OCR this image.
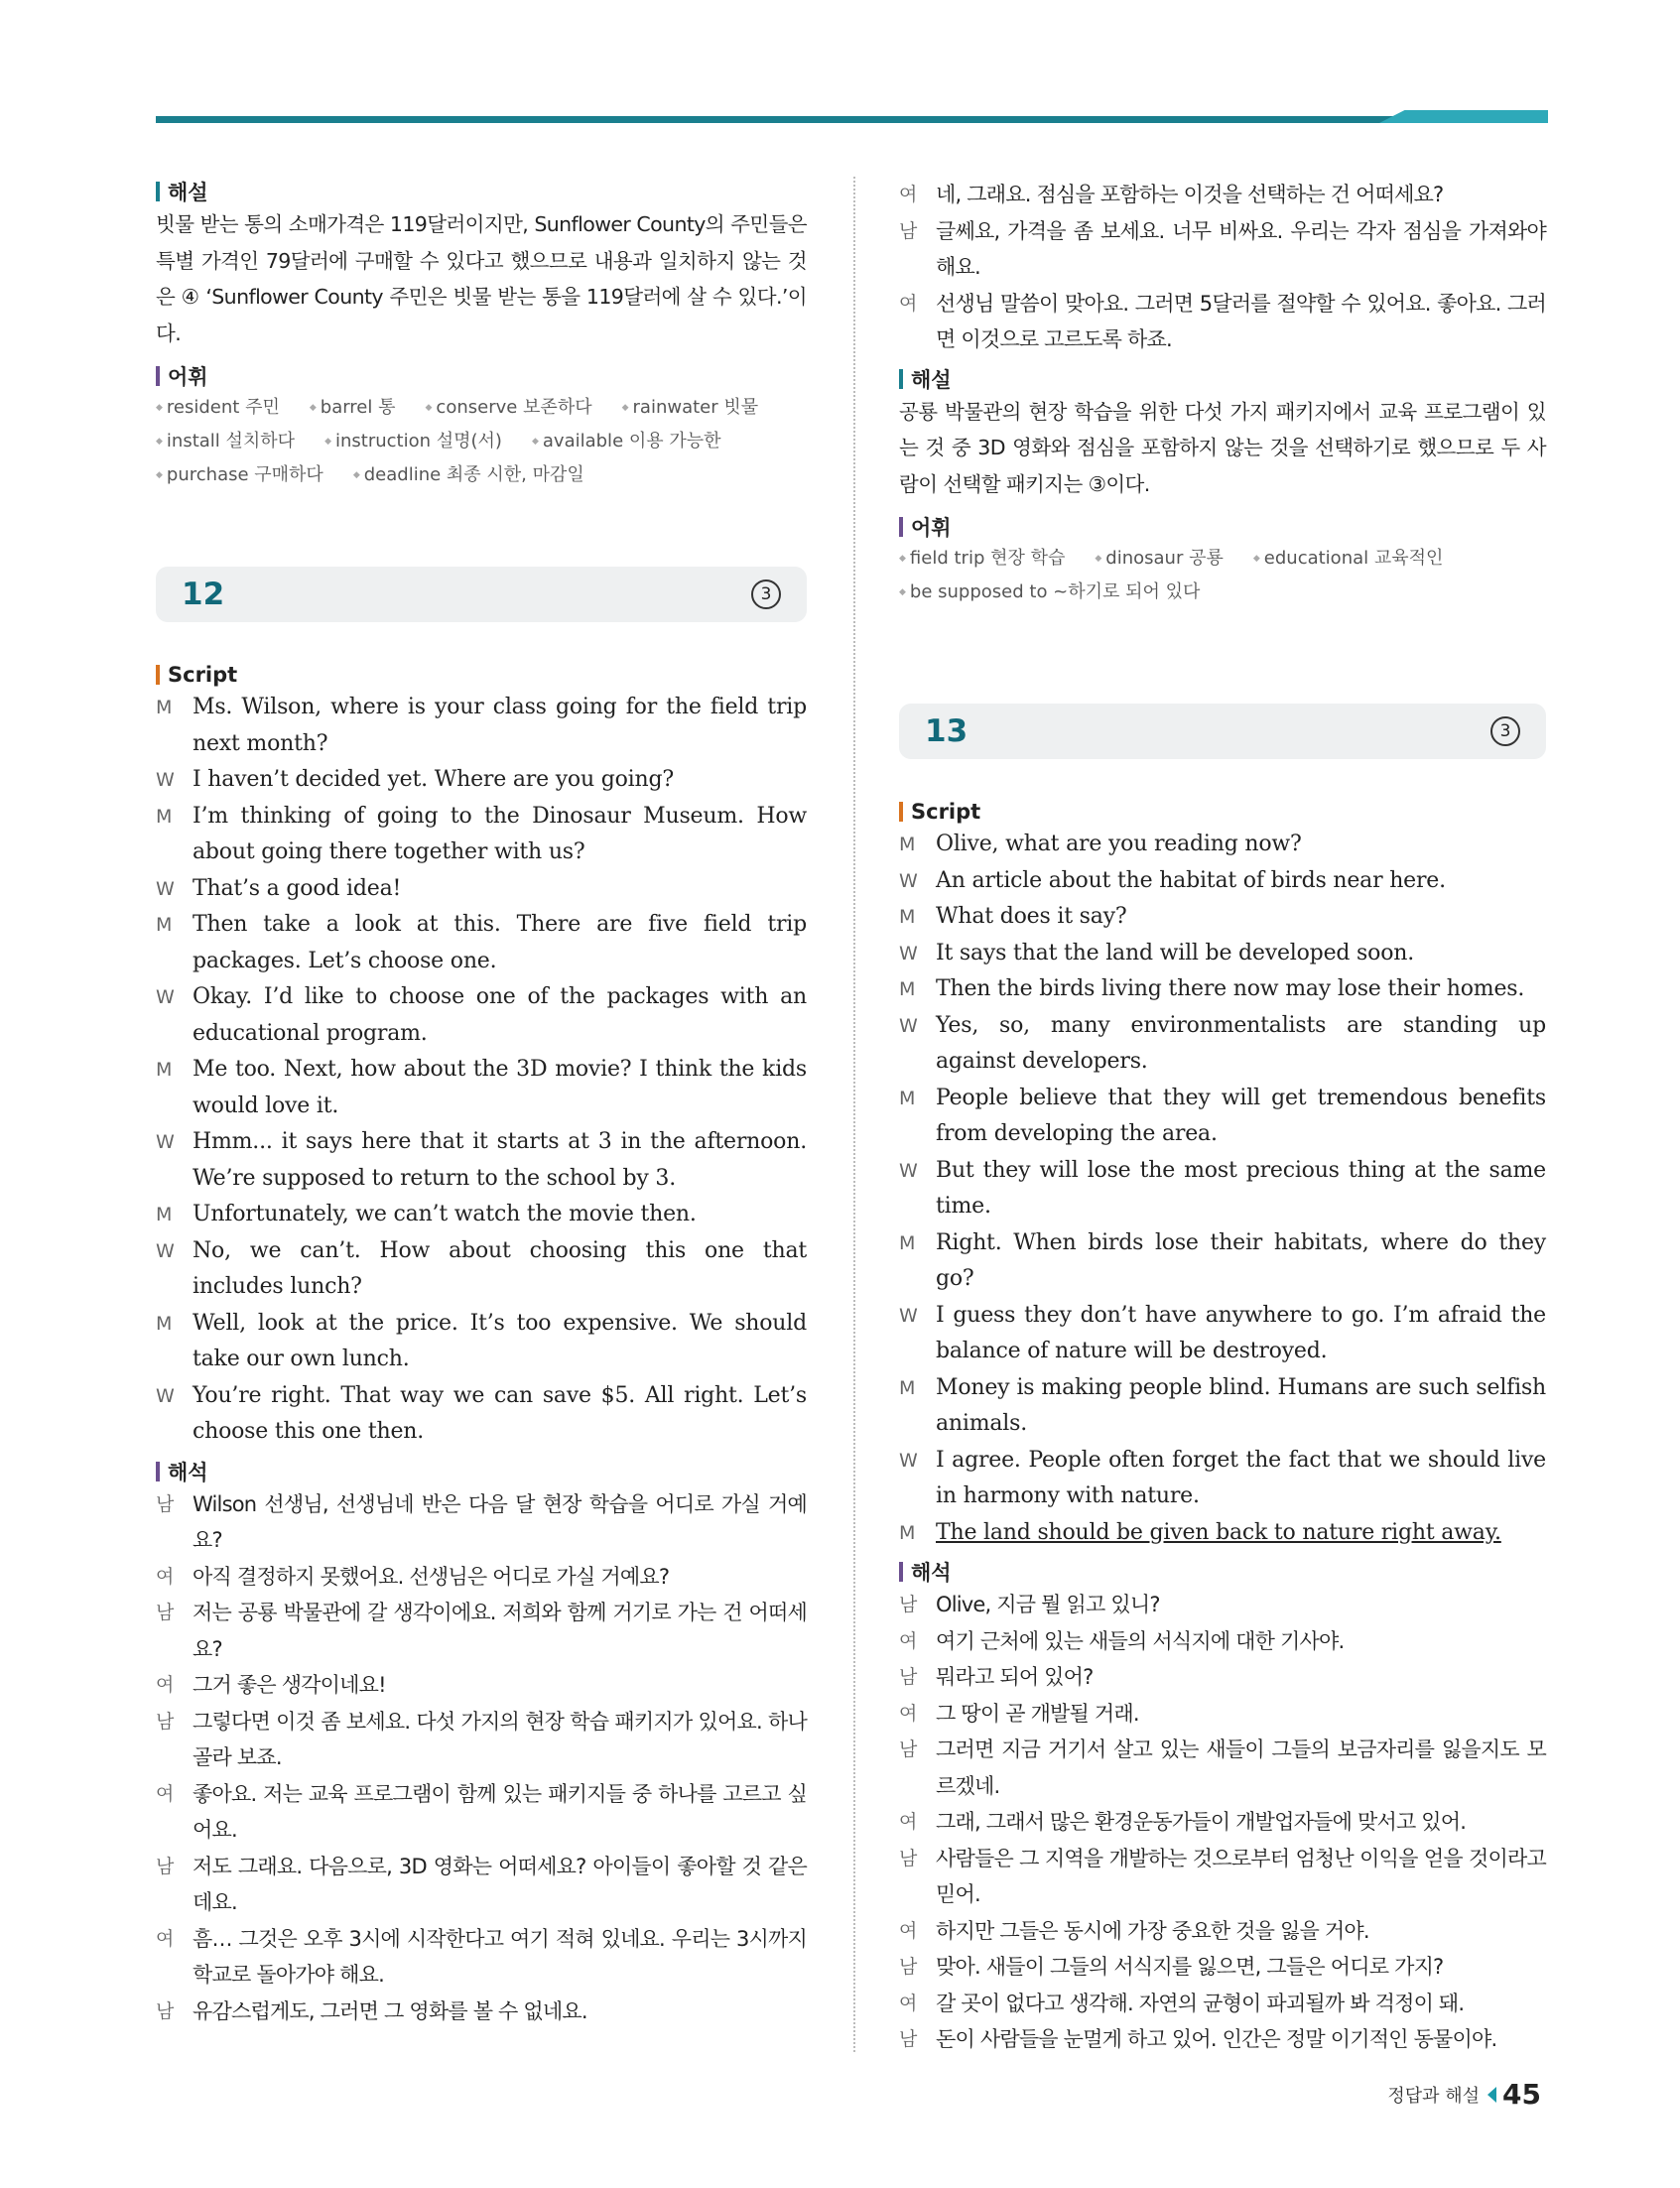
해설

빗물 받는 통의 소매가격은 119달러이지만, Sunflower County의 주민들은 특별 가격인 79달러에 구매할 수 있다고 했으므로 내용과 일치하지 않는 것은 ④ ‘Sunflower County 주민은 빗물 받는 통을 119달러에 살 수 있다.’이다.

어휘

◆ resident 주민 ◆ barrel 통 ◆ conserve 보존하다 ◆ rainwater 빗물
◆ install 설치하다 ◆ instruction 설명(서) ◆ available 이용 가능한
◆ purchase 구매하다 ◆ deadline 최종 시한, 마감일

12	3
Script
M Ms. Wilson, where is your class going for the field trip next month?
W I haven’t decided yet. Where are you going?
M I’m thinking of going to the Dinosaur Museum. How about going there together with us?
W That’s a good idea!
M Then take a look at this. There are five field trip packages. Let’s choose one.
W Okay. I’d like to choose one of the packages with an educational program.
M Me too. Next, how about the 3D movie? I think the kids would love it.
W Hmm... it says here that it starts at 3 in the afternoon. We’re supposed to return to the school by 3.
M Unfortunately, we can’t watch the movie then.
W No, we can’t. How about choosing this one that includes lunch?
M Well, look at the price. It’s too expensive. We should take our own lunch.
W You’re right. That way we can save $5. All right. Let’s choose this one then.
해석
남 Wilson 선생님, 선생님네 반은 다음 달 현장 학습을 어디로 가실 거예요?
여 아직 결정하지 못했어요. 선생님은 어디로 가실 거예요?
남 저는 공룡 박물관에 갈 생각이에요. 저희와 함께 거기로 가는 건 어떠세요?
여 그거 좋은 생각이네요!
남 그렇다면 이것 좀 보세요. 다섯 가지의 현장 학습 패키지가 있어요. 하나 골라 보죠.
여 좋아요. 저는 교육 프로그램이 함께 있는 패키지들 중 하나를 고르고 싶어요.
남 저도 그래요. 다음으로, 3D 영화는 어떠세요? 아이들이 좋아할 것 같은데요.
여 흠… 그것은 오후 3시에 시작한다고 여기 적혀 있네요. 우리는 3시까지 학교로 돌아가야 해요.
남 유감스럽게도, 그러면 그 영화를 볼 수 없네요.
여 네, 그래요. 점심을 포함하는 이것을 선택하는 건 어떠세요?
남 글쎄요, 가격을 좀 보세요. 너무 비싸요. 우리는 각자 점심을 가져와야 해요.
여 선생님 말씀이 맞아요. 그러면 5달러를 절약할 수 있어요. 좋아요. 그러면 이것으로 고르도록 하죠.
해설

공룡 박물관의 현장 학습을 위한 다섯 가지 패키지에서 교육 프로그램이 있는 것 중 3D 영화와 점심을 포함하지 않는 것을 선택하기로 했으므로 두 사람이 선택할 패키지는 ③이다.

어휘

◆ field trip 현장 학습 ◆ dinosaur 공룡 ◆ educational 교육적인◆ be supposed to ~하기로 되어 있다

13	3
Script
M Olive, what are you reading now?
W An article about the habitat of birds near here.
M What does it say?
W It says that the land will be developed soon.
M Then the birds living there now may lose their homes.
W Yes, so, many environmentalists are standing up against developers.
M People believe that they will get tremendous benefits from developing the area.
W But they will lose the most precious thing at the same time.
M Right. When birds lose their habitats, where do they go?
W I guess they don’t have anywhere to go. I’m afraid the balance of nature will be destroyed.
M Money is making people blind. Humans are such selfish animals.
W I agree. People often forget the fact that we should live in harmony with nature.
M The land should be given back to nature right away.
해석
남 Olive, 지금 뭘 읽고 있니?
여 여기 근처에 있는 새들의 서식지에 대한 기사야.
남 뭐라고 되어 있어?
여 그 땅이 곧 개발될 거래.
남 그러면 지금 거기서 살고 있는 새들이 그들의 보금자리를 잃을지도 모르겠네.
여 그래, 그래서 많은 환경운동가들이 개발업자들에 맞서고 있어.
남 사람들은 그 지역을 개발하는 것으로부터 엄청난 이익을 얻을 것이라고 믿어.
여 하지만 그들은 동시에 가장 중요한 것을 잃을 거야.
남 맞아. 새들이 그들의 서식지를 잃으면, 그들은 어디로 가지?
여 갈 곳이 없다고 생각해. 자연의 균형이 파괴될까 봐 걱정이 돼.
남 돈이 사람들을 눈멀게 하고 있어. 인간은 정말 이기적인 동물이야.
정답과 해설 45
